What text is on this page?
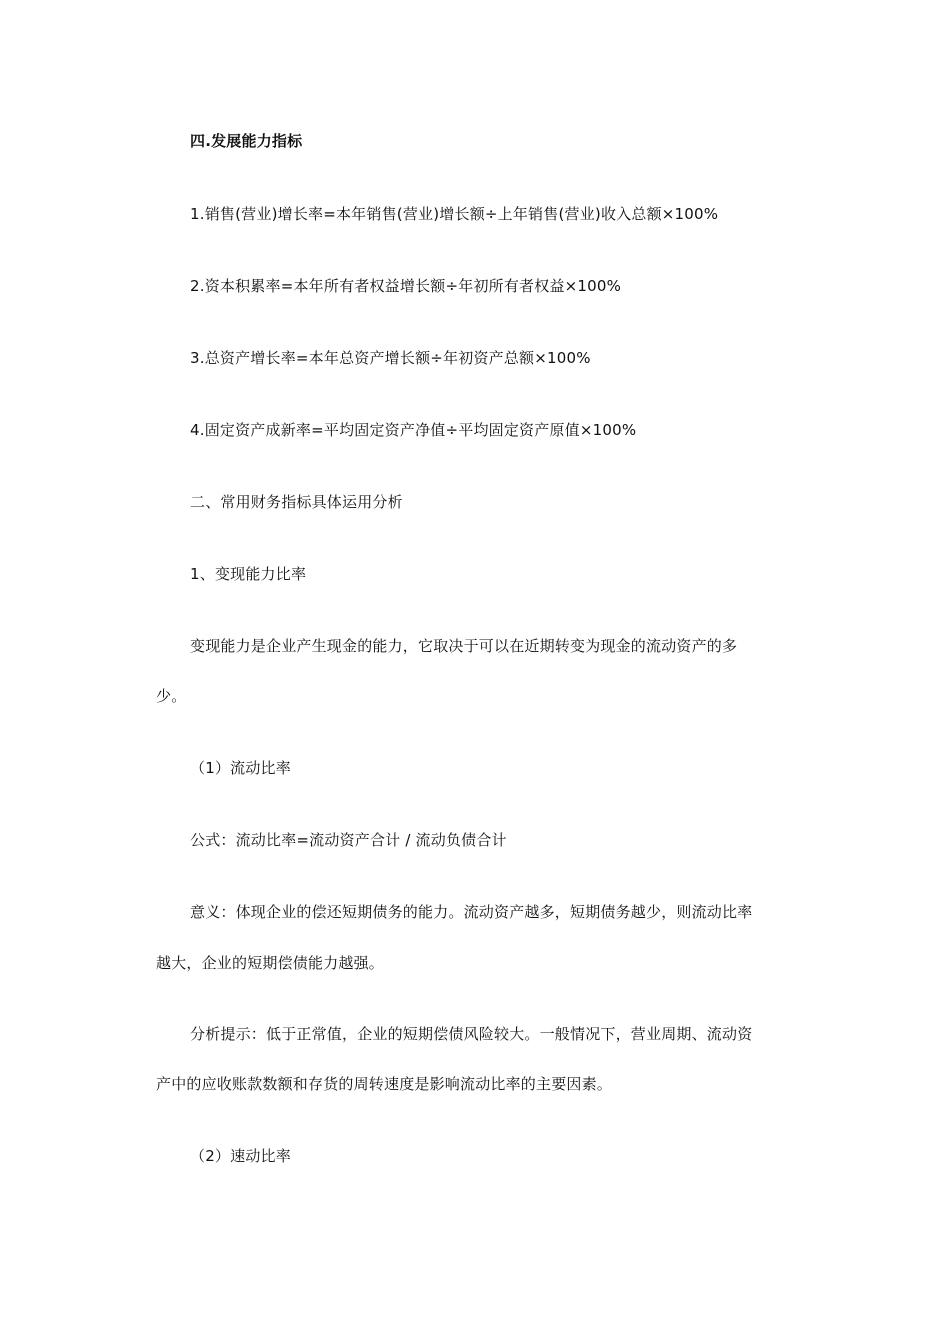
四.发展能力指标
1.销售(营业)增长率=本年销售(营业)增长额÷上年销售(营业)收入总额×100%
2.资本积累率=本年所有者权益增长额÷年初所有者权益×100%
3.总资产增长率=本年总资产增长额÷年初资产总额×100%
4.固定资产成新率=平均固定资产净值÷平均固定资产原值×100%
二、常用财务指标具体运用分析
1、变现能力比率
变现能力是企业产生现金的能力，它取决于可以在近期转变为现金的流动资产的多
少。
（1）流动比率
公式：流动比率=流动资产合计 / 流动负债合计
意义：体现企业的偿还短期债务的能力。流动资产越多，短期债务越少，则流动比率
越大，企业的短期偿债能力越强。
分析提示：低于正常值，企业的短期偿债风险较大。一般情况下，营业周期、流动资
产中的应收账款数额和存货的周转速度是影响流动比率的主要因素。
（2）速动比率
